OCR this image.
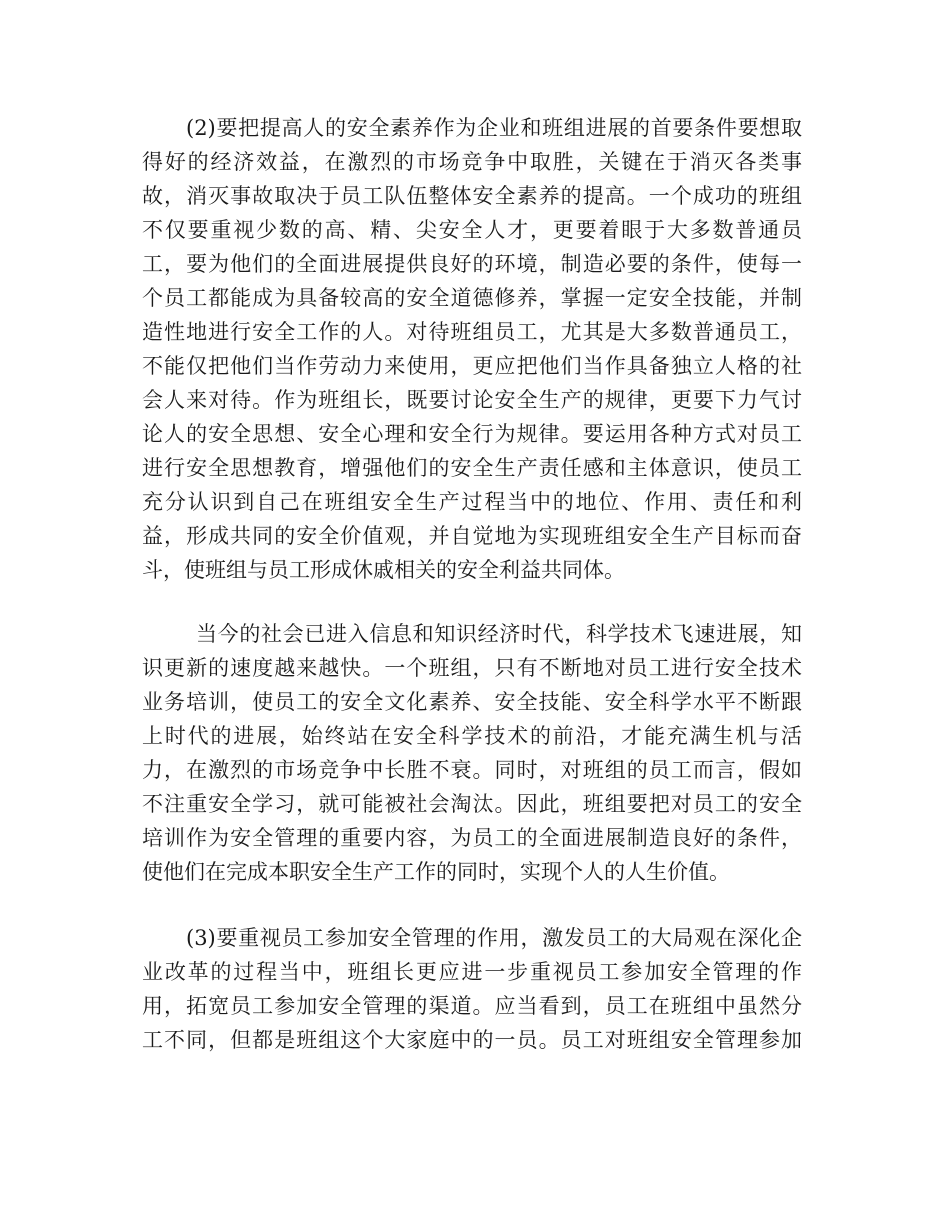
(2)要把提高人的安全素养作为企业和班组进展的首要条件要想取
得好的经济效益，在激烈的市场竞争中取胜，关键在于消灭各类事
故，消灭事故取决于员工队伍整体安全素养的提高。一个成功的班组
不仅要重视少数的高、精、尖安全人才，更要着眼于大多数普通员
工，要为他们的全面进展提供良好的环境，制造必要的条件，使每一
个员工都能成为具备较高的安全道德修养，掌握一定安全技能，并制
造性地进行安全工作的人。对待班组员工，尤其是大多数普通员工，
不能仅把他们当作劳动力来使用，更应把他们当作具备独立人格的社
会人来对待。作为班组长，既要讨论安全生产的规律，更要下力气讨
论人的安全思想、安全心理和安全行为规律。要运用各种方式对员工
进行安全思想教育，增强他们的安全生产责任感和主体意识，使员工
充分认识到自己在班组安全生产过程当中的地位、作用、责任和利
益，形成共同的安全价值观，并自觉地为实现班组安全生产目标而奋
斗，使班组与员工形成休戚相关的安全利益共同体。
当今的社会已进入信息和知识经济时代，科学技术飞速进展，知
识更新的速度越来越快。一个班组，只有不断地对员工进行安全技术
业务培训，使员工的安全文化素养、安全技能、安全科学水平不断跟
上时代的进展，始终站在安全科学技术的前沿，才能充满生机与活
力，在激烈的市场竞争中长胜不衰。同时，对班组的员工而言，假如
不注重安全学习，就可能被社会淘汰。因此，班组要把对员工的安全
培训作为安全管理的重要内容，为员工的全面进展制造良好的条件，
使他们在完成本职安全生产工作的同时，实现个人的人生价值。
(3)要重视员工参加安全管理的作用，激发员工的大局观在深化企
业改革的过程当中，班组长更应进一步重视员工参加安全管理的作
用，拓宽员工参加安全管理的渠道。应当看到，员工在班组中虽然分
工不同，但都是班组这个大家庭中的一员。员工对班组安全管理参加
